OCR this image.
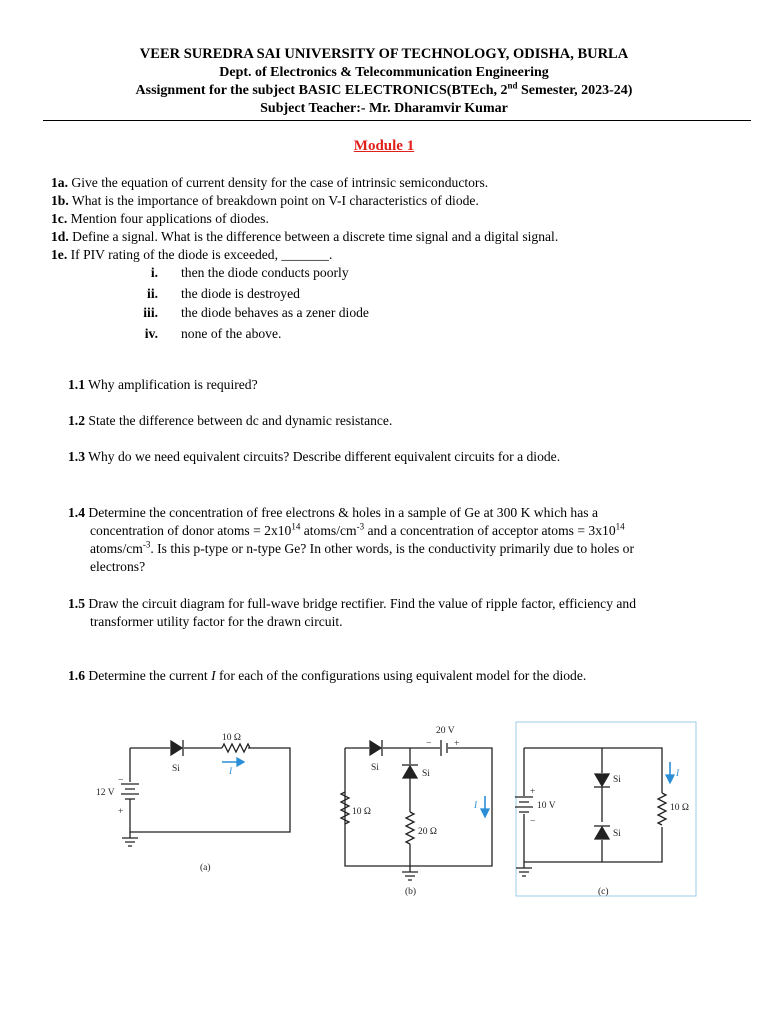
VEER SUREDRA SAI UNIVERSITY OF TECHNOLOGY, ODISHA, BURLA
Dept. of Electronics & Telecommunication Engineering
Assignment for the subject BASIC ELECTRONICS(BTEch, 2nd Semester, 2023-24)
Subject Teacher:- Mr. Dharamvir Kumar
Module 1
1a. Give the equation of current density for the case of intrinsic semiconductors.
1b. What is the importance of breakdown point on V-I characteristics of diode.
1c. Mention four applications of diodes.
1d. Define a signal. What is the difference between a discrete time signal and a digital signal.
1e. If PIV rating of the diode is exceeded, _______.
i. then the diode conducts poorly
ii. the diode is destroyed
iii. the diode behaves as a zener diode
iv. none of the above.
1.1 Why amplification is required?
1.2 State the difference between dc and dynamic resistance.
1.3 Why do we need equivalent circuits? Describe different equivalent circuits for a diode.
1.4 Determine the concentration of free electrons & holes in a sample of Ge at 300 K which has a
concentration of donor atoms = $2x10^{14}$ atoms/$cm^{-3}$ and a concentration of acceptor atoms = $3x10^{14}$
atoms/$cm^{-3}$. Is this p-type or n-type Ge? In other words, is the conductivity primarily due to holes or
electrons?
1.5 Draw the circuit diagram for full-wave bridge rectifier. Find the value of ripple factor, efficiency and
transformer utility factor for the drawn circuit.
1.6 Determine the current I for each of the configurations using equivalent model for the diode.
10 Ω
Si	I
12 V
−
+
(a)
20 V
− +
Si
Si
10 Ω
20 Ω
I
(b)
10 V
+
−
Si
Si
10 Ω
I
(c)
